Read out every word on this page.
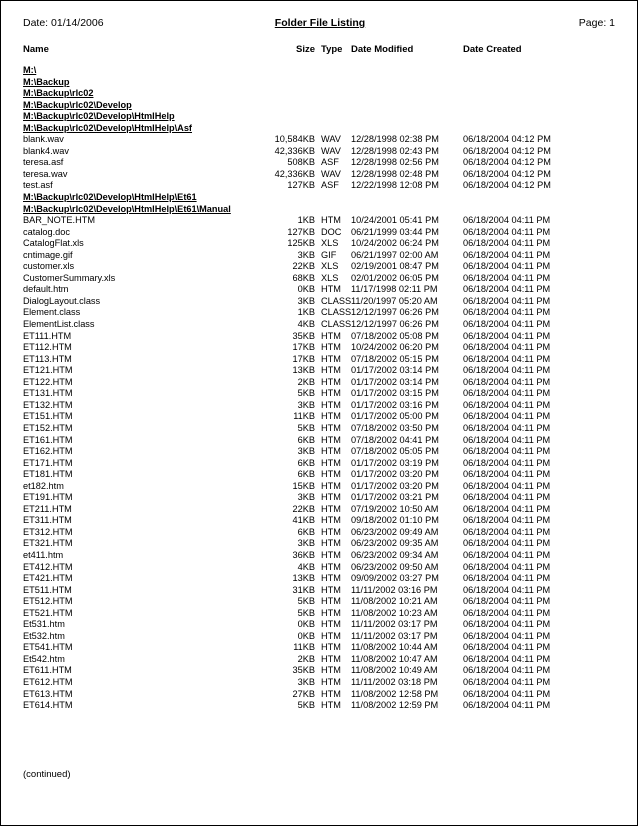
Date: 01/14/2006	Folder File Listing	Page: 1
Name	Size Type Date Modified	Date Created
M:\
M:\Backup
M:\Backup\rlc02
M:\Backup\rlc02\Develop
M:\Backup\rlc02\Develop\HtmlHelp
M:\Backup\rlc02\Develop\HtmlHelp\Asf
blank.wav	10,584KB WAV	12/28/1998 02:38 PM	06/18/2004 04:12 PM
blank4.wav	42,336KB WAV	12/28/1998 02:43 PM	06/18/2004 04:12 PM
teresa.asf	508KB ASF	12/28/1998 02:56 PM	06/18/2004 04:12 PM
teresa.wav	42,336KB WAV	12/28/1998 02:48 PM	06/18/2004 04:12 PM
test.asf	127KB ASF	12/22/1998 12:08 PM	06/18/2004 04:12 PM
M:\Backup\rlc02\Develop\HtmlHelp\Et61
M:\Backup\rlc02\Develop\HtmlHelp\Et61\Manual
BAR_NOTE.HTM	1KB HTM	10/24/2001 05:41 PM	06/18/2004 04:11 PM
catalog.doc	127KB DOC	06/21/1999 03:44 PM	06/18/2004 04:11 PM
CatalogFlat.xls	125KB XLS	10/24/2002 06:24 PM	06/18/2004 04:11 PM
cntimage.gif	3KB GIF	06/21/1997 02:00 AM	06/18/2004 04:11 PM
customer.xls	22KB XLS	02/19/2001 08:47 PM	06/18/2004 04:11 PM
CustomerSummary.xls	68KB XLS	02/01/2002 06:05 PM	06/18/2004 04:11 PM
default.htm	0KB HTM	11/17/1998 02:11 PM	06/18/2004 04:11 PM
DialogLayout.class	3KB CLASS 11/20/1997 05:20 AM	06/18/2004 04:11 PM
Element.class	1KB CLASS 12/12/1997 06:26 PM	06/18/2004 04:11 PM
ElementList.class	4KB CLASS 12/12/1997 06:26 PM	06/18/2004 04:11 PM
ET111.HTM	35KB HTM	07/18/2002 05:08 PM	06/18/2004 04:11 PM
ET112.HTM	17KB HTM	10/24/2002 06:20 PM	06/18/2004 04:11 PM
ET113.HTM	17KB HTM	07/18/2002 05:15 PM	06/18/2004 04:11 PM
ET121.HTM	13KB HTM	01/17/2002 03:14 PM	06/18/2004 04:11 PM
ET122.HTM	2KB HTM	01/17/2002 03:14 PM	06/18/2004 04:11 PM
ET131.HTM	5KB HTM	01/17/2002 03:15 PM	06/18/2004 04:11 PM
ET132.HTM	3KB HTM	01/17/2002 03:16 PM	06/18/2004 04:11 PM
ET151.HTM	11KB HTM	01/17/2002 05:00 PM	06/18/2004 04:11 PM
ET152.HTM	5KB HTM	07/18/2002 03:50 PM	06/18/2004 04:11 PM
ET161.HTM	6KB HTM	07/18/2002 04:41 PM	06/18/2004 04:11 PM
ET162.HTM	3KB HTM	07/18/2002 05:05 PM	06/18/2004 04:11 PM
ET171.HTM	6KB HTM	01/17/2002 03:19 PM	06/18/2004 04:11 PM
ET181.HTM	6KB HTM	01/17/2002 03:20 PM	06/18/2004 04:11 PM
et182.htm	15KB HTM	01/17/2002 03:20 PM	06/18/2004 04:11 PM
ET191.HTM	3KB HTM	01/17/2002 03:21 PM	06/18/2004 04:11 PM
ET211.HTM	22KB HTM	07/19/2002 10:50 AM	06/18/2004 04:11 PM
ET311.HTM	41KB HTM	09/18/2002 01:10 PM	06/18/2004 04:11 PM
ET312.HTM	6KB HTM	06/23/2002 09:49 AM	06/18/2004 04:11 PM
ET321.HTM	3KB HTM	06/23/2002 09:35 AM	06/18/2004 04:11 PM
et411.htm	36KB HTM	06/23/2002 09:34 AM	06/18/2004 04:11 PM
ET412.HTM	4KB HTM	06/23/2002 09:50 AM	06/18/2004 04:11 PM
ET421.HTM	13KB HTM	09/09/2002 03:27 PM	06/18/2004 04:11 PM
ET511.HTM	31KB HTM	11/11/2002 03:16 PM	06/18/2004 04:11 PM
ET512.HTM	5KB HTM	11/08/2002 10:21 AM	06/18/2004 04:11 PM
ET521.HTM	5KB HTM	11/08/2002 10:23 AM	06/18/2004 04:11 PM
Et531.htm	0KB HTM	11/11/2002 03:17 PM	06/18/2004 04:11 PM
Et532.htm	0KB HTM	11/11/2002 03:17 PM	06/18/2004 04:11 PM
ET541.HTM	11KB HTM	11/08/2002 10:44 AM	06/18/2004 04:11 PM
Et542.htm	2KB HTM	11/08/2002 10:47 AM	06/18/2004 04:11 PM
ET611.HTM	35KB HTM	11/08/2002 10:49 AM	06/18/2004 04:11 PM
ET612.HTM	3KB HTM	11/11/2002 03:18 PM	06/18/2004 04:11 PM
ET613.HTM	27KB HTM	11/08/2002 12:58 PM	06/18/2004 04:11 PM
ET614.HTM	5KB HTM	11/08/2002 12:59 PM	06/18/2004 04:11 PM
(continued)
